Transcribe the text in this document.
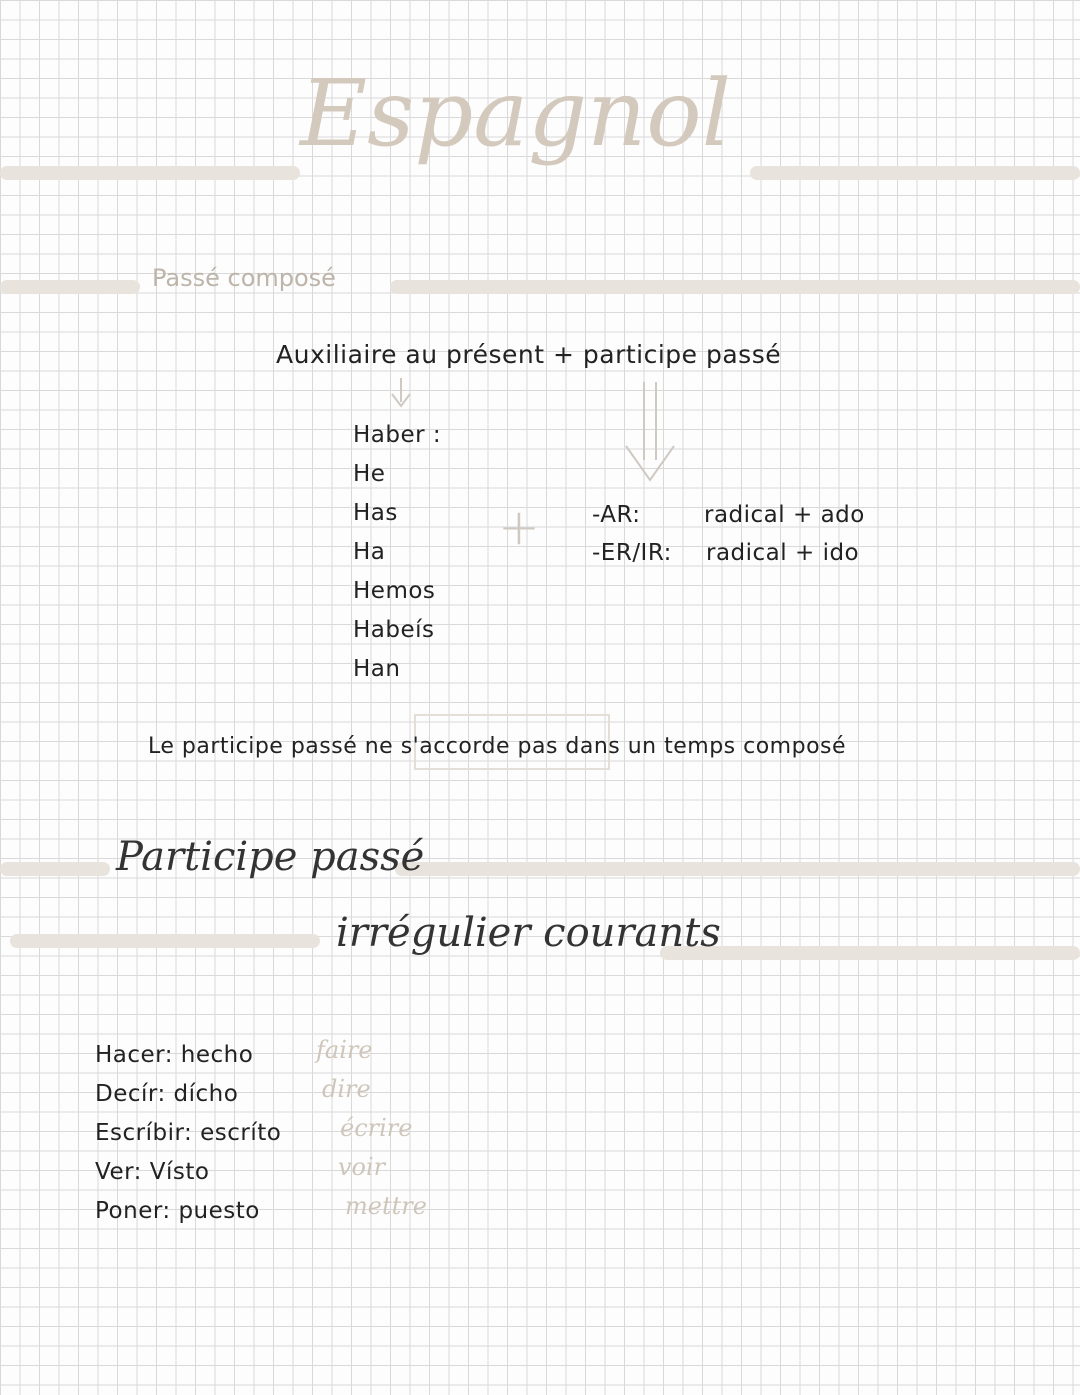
Espagnol
Passé composé
Auxiliaire au présent + participe passé
Haber :
He
Has
Ha
Hemos
Habeís
Han
+ -AR:	radical + ado
-ER/IR: radical + ido
Le participe passé ne s'accorde pas dans un temps composé
Participe passé
irrégulier courants
Hacer: hecho	faire
Decír: dícho	dire
Escríbir: escríto écrire
Ver: Vísto	voir
Poner: puesto	mettre
